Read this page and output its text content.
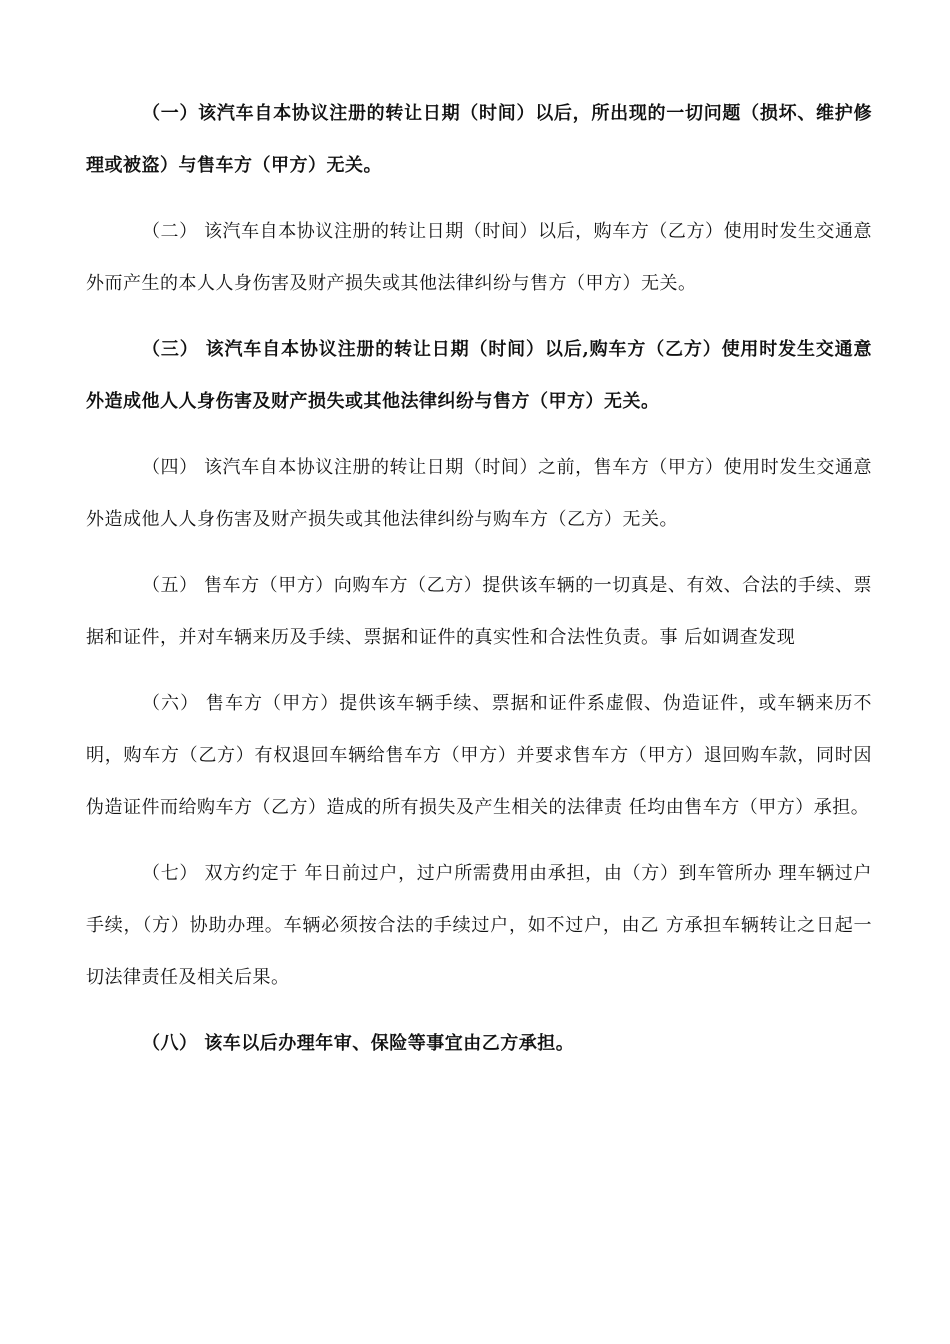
（一）该汽车自本协议注册的转让日期（时间）以后，所出现的一切问题（损坏、维护修理或被盗）与售车方（甲方）无关。

（二） 该汽车自本协议注册的转让日期（时间）以后，购车方（乙方）使用时发生交通意外而产生的本人人身伤害及财产损失或其他法律纠纷与售方（甲方）无关。

（三） 该汽车自本协议注册的转让日期（时间）以后,购车方（乙方）使用时发生交通意外造成他人人身伤害及财产损失或其他法律纠纷与售方（甲方）无关。

（四） 该汽车自本协议注册的转让日期（时间）之前，售车方（甲方）使用时发生交通意外造成他人人身伤害及财产损失或其他法律纠纷与购车方（乙方）无关。

（五） 售车方（甲方）向购车方（乙方）提供该车辆的一切真是、有效、合法的手续、票据和证件，并对车辆来历及手续、票据和证件的真实性和合法性负责。事 后如调查发现

（六） 售车方（甲方）提供该车辆手续、票据和证件系虚假、伪造证件，或车辆来历不明，购车方（乙方）有权退回车辆给售车方（甲方）并要求售车方（甲方）退回购车款，同时因伪造证件而给购车方（乙方）造成的所有损失及产生相关的法律责 任均由售车方（甲方）承担。

（七） 双方约定于 年日前过户，过户所需费用由承担，由（方）到车管所办 理车辆过户手续，（方）协助办理。车辆必须按合法的手续过户，如不过户，由乙 方承担车辆转让之日起一切法律责任及相关后果。

（八） 该车以后办理年审、保险等事宜由乙方承担。
